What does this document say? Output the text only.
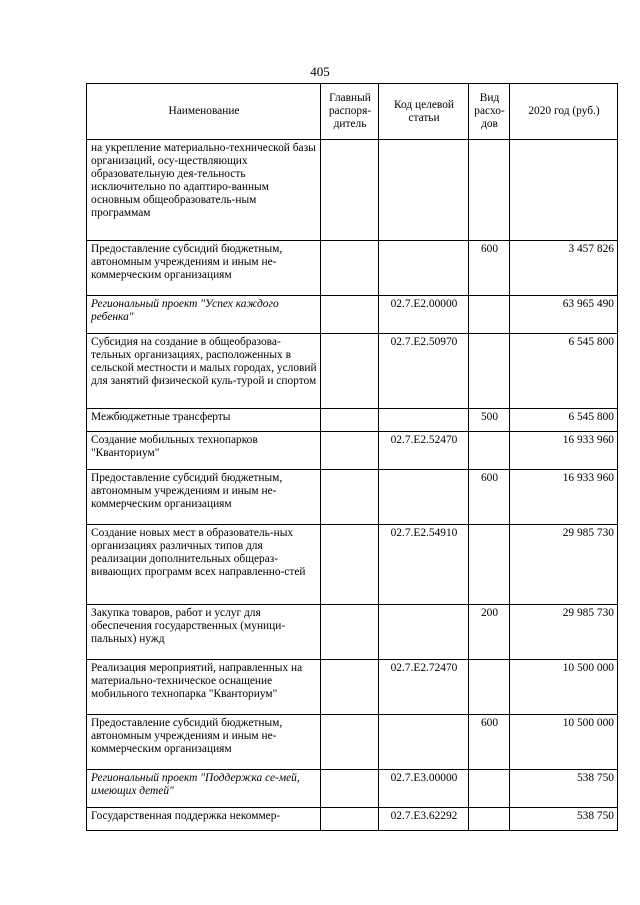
405
Наименование	Главный распоря-дитель	Код целевой статьи	Вид расхо-дов	2020 год (руб.)
на укрепление материально-технической базы организаций, осу-ществляющих образовательную дея-тельность исключительно по адаптиро-ванным основным общеобразователь-ным программам				
Предоставление субсидий бюджетным, автономным учреждениям и иным не-коммерческим организациям			600	3 457 826
Региональный проект "Успех каждого ребенка"		02.7.E2.00000		63 965 490
Субсидия на создание в общеобразова-тельных организациях, расположенных в сельской местности и малых городах, условий для занятий физической куль-турой и спортом		02.7.E2.50970		6 545 800
Межбюджетные трансферты			500	6 545 800
Создание мобильных технопарков "Кванториум"		02.7.E2.52470		16 933 960
Предоставление субсидий бюджетным, автономным учреждениям и иным не-коммерческим организациям			600	16 933 960
Создание новых мест в образователь-ных организациях различных типов для реализации дополнительных общераз-вивающих программ всех направленно-стей		02.7.E2.54910		29 985 730
Закупка товаров, работ и услуг для обеспечения государственных (муници-пальных) нужд			200	29 985 730
Реализация мероприятий, направленных на материально-техническое оснащение мобильного технопарка "Кванториум"		02.7.E2.72470		10 500 000
Предоставление субсидий бюджетным, автономным учреждениям и иным не-коммерческим организациям			600	10 500 000
Региональный проект "Поддержка се-мей, имеющих детей"		02.7.E3.00000		538 750
Государственная поддержка некоммер-		02.7.E3.62292		538 750
